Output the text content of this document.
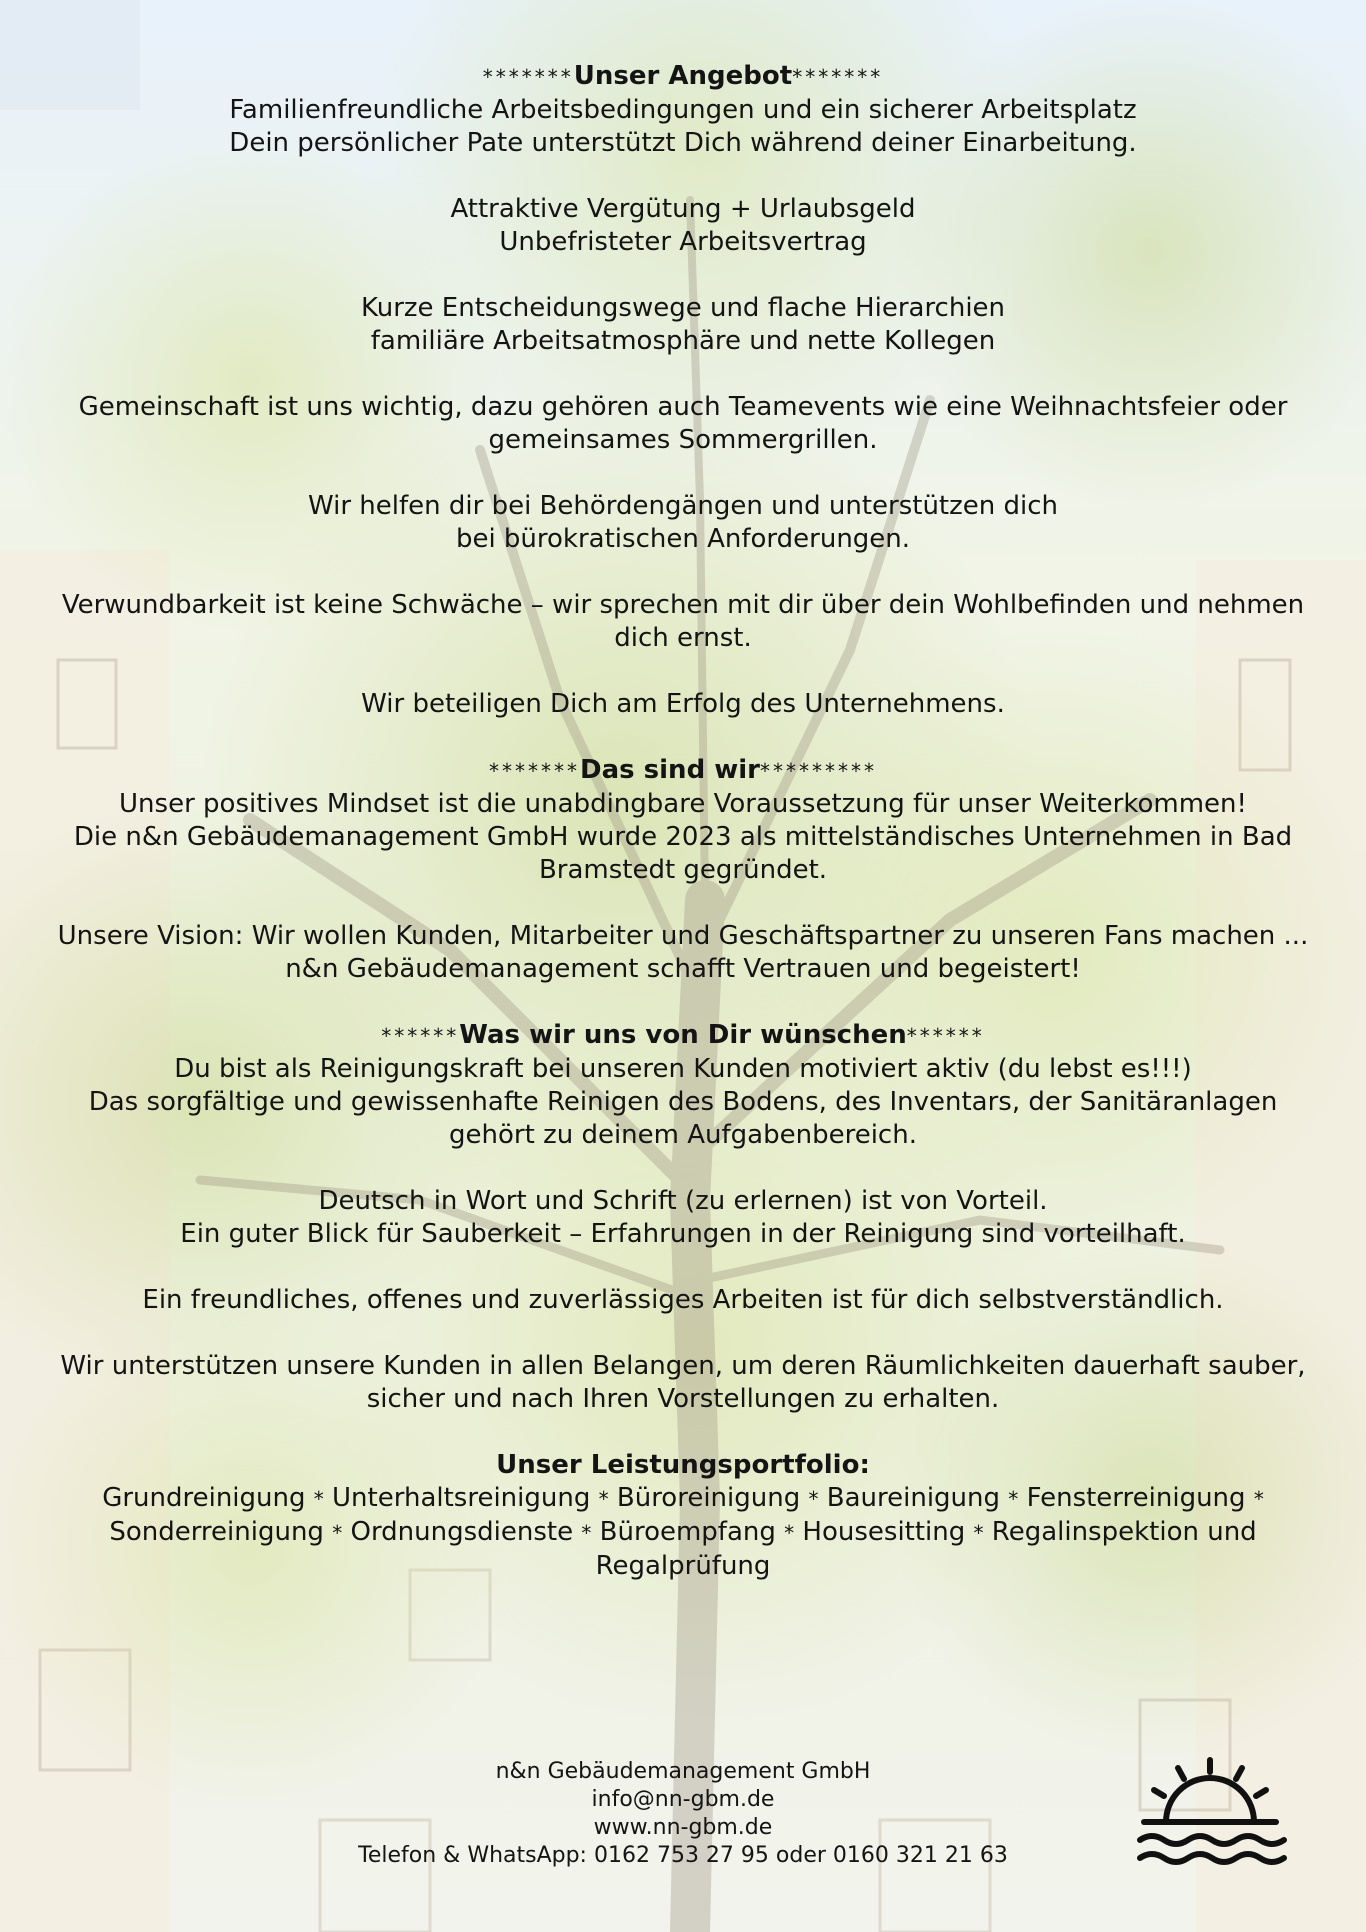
*******Unser Angebot*******

Familienfreundliche Arbeitsbedingungen und ein sicherer Arbeitsplatz

Dein persönlicher Pate unterstützt Dich während deiner Einarbeitung.

Attraktive Vergütung + Urlaubsgeld

Unbefristeter Arbeitsvertrag

Kurze Entscheidungswege und flache Hierarchien

familiäre Arbeitsatmosphäre und nette Kollegen

Gemeinschaft ist uns wichtig, dazu gehören auch Teamevents wie eine Weihnachtsfeier oder

gemeinsames Sommergrillen.

Wir helfen dir bei Behördengängen und unterstützen dich

bei bürokratischen Anforderungen.

Verwundbarkeit ist keine Schwäche – wir sprechen mit dir über dein Wohlbefinden und nehmen

dich ernst.

Wir beteiligen Dich am Erfolg des Unternehmens.

*******Das sind wir*********

Unser positives Mindset ist die unabdingbare Voraussetzung für unser Weiterkommen!

Die n&n Gebäudemanagement GmbH wurde 2023 als mittelständisches Unternehmen in Bad

Bramstedt gegründet.

Unsere Vision: Wir wollen Kunden, Mitarbeiter und Geschäftspartner zu unseren Fans machen ...

n&n Gebäudemanagement schafft Vertrauen und begeistert!

******Was wir uns von Dir wünschen******

Du bist als Reinigungskraft bei unseren Kunden motiviert aktiv (du lebst es!!!)

Das sorgfältige und gewissenhafte Reinigen des Bodens, des Inventars, der Sanitäranlagen

gehört zu deinem Aufgabenbereich.

Deutsch in Wort und Schrift (zu erlernen) ist von Vorteil.

Ein guter Blick für Sauberkeit – Erfahrungen in der Reinigung sind vorteilhaft.

Ein freundliches, offenes und zuverlässiges Arbeiten ist für dich selbstverständlich.

Wir unterstützen unsere Kunden in allen Belangen, um deren Räumlichkeiten dauerhaft sauber,

sicher und nach Ihren Vorstellungen zu erhalten.

Unser Leistungsportfolio:

Grundreinigung * Unterhaltsreinigung * Büroreinigung * Baureinigung * Fensterreinigung *

Sonderreinigung * Ordnungsdienste * Büroempfang * Housesitting * Regalinspektion und Regalprüfung

n&n Gebäudemanagement GmbH

info@nn-gbm.de

www.nn-gbm.de

Telefon & WhatsApp: 0162 753 27 95 oder 0160 321 21 63
